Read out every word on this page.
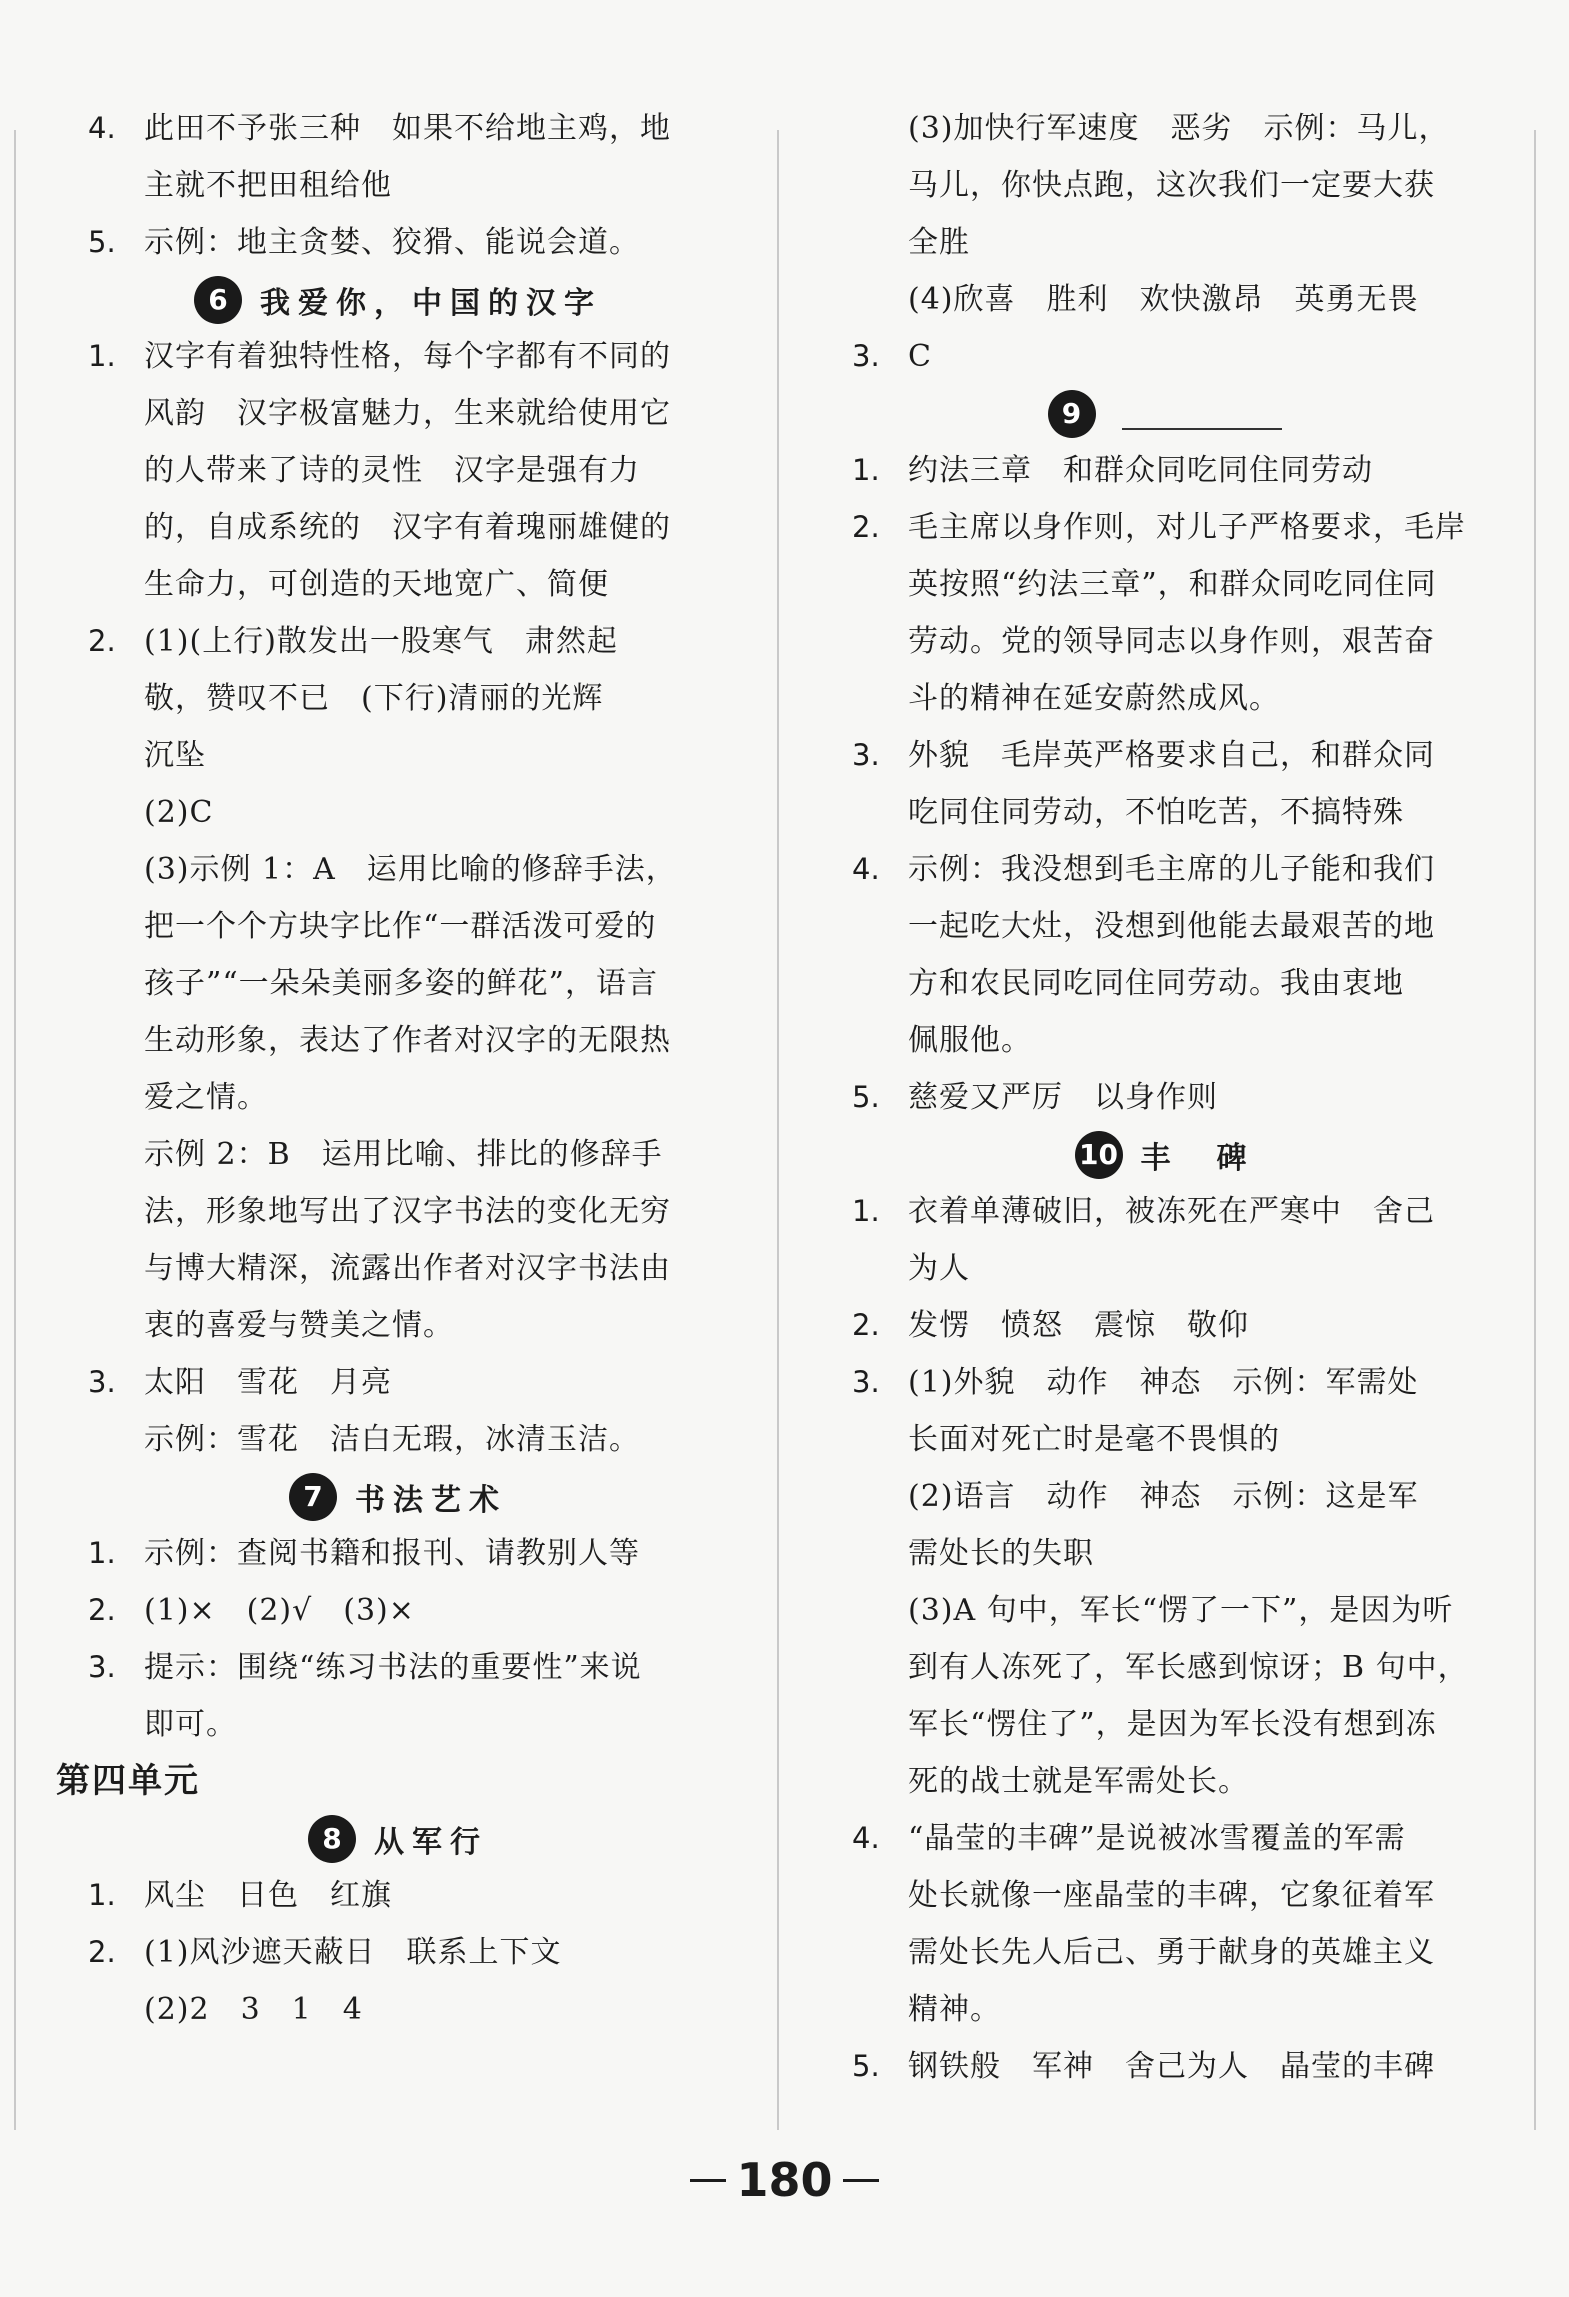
4. 此田不予张三种　如果不给地主鸡，地
主就不把田租给他
5. 示例：地主贪婪、狡猾、能说会道。
6	我爱你，中国的汉字
1. 汉字有着独特性格，每个字都有不同的
风韵　汉字极富魅力，生来就给使用它
的人带来了诗的灵性　汉字是强有力
的，自成系统的　汉字有着瑰丽雄健的
生命力，可创造的天地宽广、简便
2. (1)(上行)散发出一股寒气　肃然起
敬，赞叹不已　(下行)清丽的光辉
沉坠
(2)C
(3)示例 1：A　运用比喻的修辞手法，
把一个个方块字比作“一群活泼可爱的
孩子”“一朵朵美丽多姿的鲜花”，语言
生动形象，表达了作者对汉字的无限热
爱之情。
示例 2：B　运用比喻、排比的修辞手
法，形象地写出了汉字书法的变化无穷
与博大精深，流露出作者对汉字书法由
衷的喜爱与赞美之情。
3. 太阳　雪花　月亮
示例：雪花　洁白无瑕，冰清玉洁。
7	书法艺术
1. 示例：查阅书籍和报刊、请教别人等
2. (1)×　(2)√　(3)×
3. 提示：围绕“练习书法的重要性”来说
即可。
第四单元
8	从军行
1. 风尘　日色　红旗
2. (1)风沙遮天蔽日　联系上下文
(2)2　3　1　4
(3)加快行军速度　恶劣　示例：马儿，
马儿，你快点跑，这次我们一定要大获
全胜
(4)欣喜　胜利　欢快激昂　英勇无畏
3. C
9
1. 约法三章　和群众同吃同住同劳动
2. 毛主席以身作则，对儿子严格要求，毛岸
英按照“约法三章”，和群众同吃同住同
劳动。党的领导同志以身作则，艰苦奋
斗的精神在延安蔚然成风。
3. 外貌　毛岸英严格要求自己，和群众同
吃同住同劳动，不怕吃苦，不搞特殊
4. 示例：我没想到毛主席的儿子能和我们
一起吃大灶，没想到他能去最艰苦的地
方和农民同吃同住同劳动。我由衷地
佩服他。
5. 慈爱又严厉　以身作则
10 丰　碑
1. 衣着单薄破旧，被冻死在严寒中　舍己
为人
2. 发愣　愤怒　震惊　敬仰
3. (1)外貌　动作　神态　示例：军需处
长面对死亡时是毫不畏惧的
(2)语言　动作　神态　示例：这是军
需处长的失职
(3)A 句中，军长“愣了一下”，是因为听
到有人冻死了，军长感到惊讶；B 句中，
军长“愣住了”，是因为军长没有想到冻
死的战士就是军需处长。
4. “晶莹的丰碑”是说被冰雪覆盖的军需
处长就像一座晶莹的丰碑，它象征着军
需处长先人后己、勇于献身的英雄主义
精神。
5. 钢铁般　军神　舍己为人　晶莹的丰碑
180
